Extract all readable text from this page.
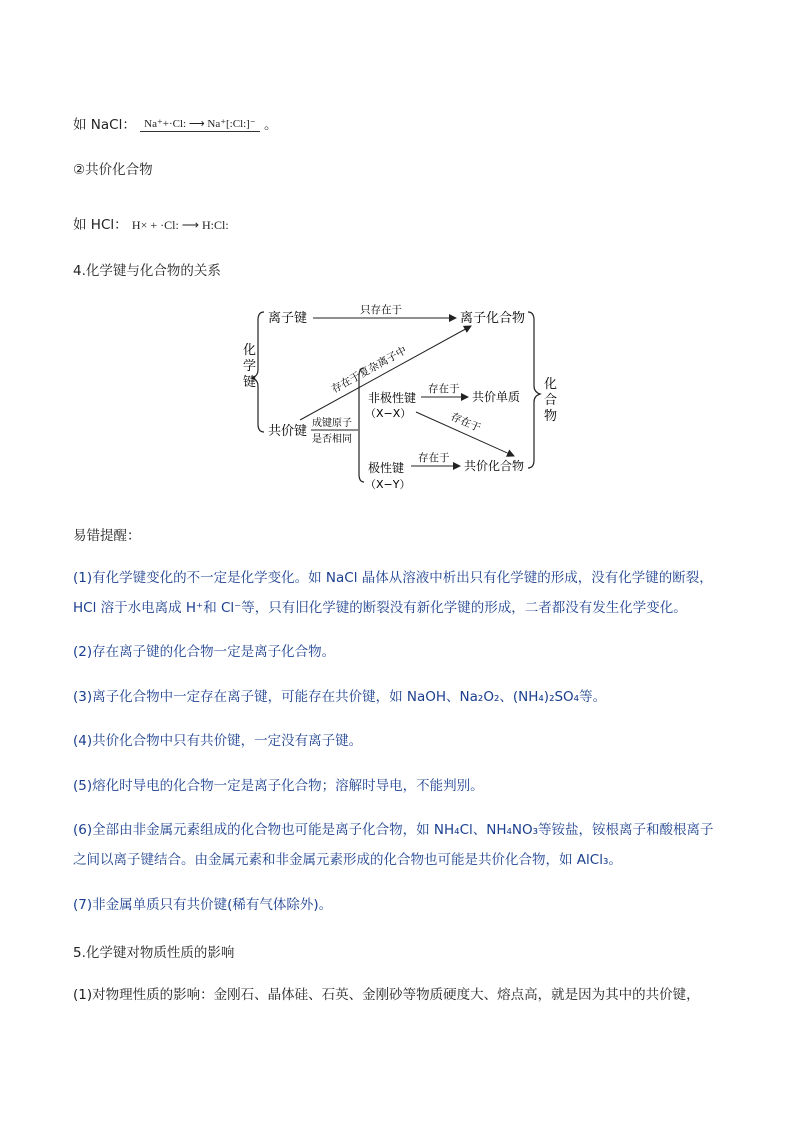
如 NaCl： Na⁺+·Cl: ⟶ Na⁺[:Cl:]⁻ 。
②共价化合物
如 HCl： H× + ·Cl: ⟶ H:Cl:
4.化学键与化合物的关系
化
学
键
离子键
只存在于
离子化合物
存在于复杂离子中
共价键
成键原子
是否相同
非极性键
（X−X）
存在于
共价单质
存在于
极性键
（X−Y）
存在于
共价化合物
化
合
物
易错提醒：
(1)有化学键变化的不一定是化学变化。如 NaCl 晶体从溶液中析出只有化学键的形成，没有化学键的断裂，
HCl 溶于水电离成 H⁺和 Cl⁻等，只有旧化学键的断裂没有新化学键的形成，二者都没有发生化学变化。
(2)存在离子键的化合物一定是离子化合物。
(3)离子化合物中一定存在离子键，可能存在共价键，如 NaOH、Na₂O₂、(NH₄)₂SO₄等。
(4)共价化合物中只有共价键，一定没有离子键。
(5)熔化时导电的化合物一定是离子化合物；溶解时导电，不能判别。
(6)全部由非金属元素组成的化合物也可能是离子化合物，如 NH₄Cl、NH₄NO₃等铵盐，铵根离子和酸根离子
之间以离子键结合。由金属元素和非金属元素形成的化合物也可能是共价化合物，如 AlCl₃。
(7)非金属单质只有共价键(稀有气体除外)。
5.化学键对物质性质的影响
(1)对物理性质的影响：金刚石、晶体硅、石英、金刚砂等物质硬度大、熔点高，就是因为其中的共价键，
